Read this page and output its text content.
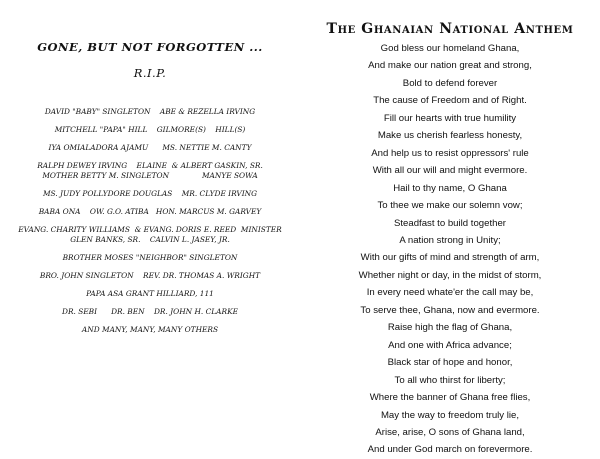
GONE, BUT NOT FORGOTTEN ...
R.I.P.
DAVID "BABY" SINGLETON    ABE & REZELLA IRVING
MITCHELL "PAPA" HILL    GILMORE(S)    HILL(S)
IYA OMIALADORA AJAMU      MS. NETTIE M. CANTY
RALPH DEWEY IRVING    ELAINE  & ALBERT GASKIN, SR.
MOTHER BETTY M. SINGLETON              MANYE SOWA
MS. JUDY POLLYDORE DOUGLAS    MR. CLYDE IRVING
BABA ONA    OW. G.O. ATIBA   HON. MARCUS M. GARVEY
EVANG. CHARITY WILLIAMS  & EVANG. DORIS E. REED  MINISTER
GLEN BANKS, SR.    CALVIN L. JASEY, JR.
BROTHER MOSES "NEIGHBOR" SINGLETON
BRO. JOHN SINGLETON    REV. DR. THOMAS A. WRIGHT
PAPA ASA GRANT HILLIARD, 111
DR. SEBI      DR. BEN    DR. JOHN H. CLARKE
AND MANY, MANY, MANY OTHERS
The Ghanaian National Anthem
God bless our homeland Ghana,
And make our nation great and strong,
Bold to defend forever
The cause of Freedom and of Right.
Fill our hearts with true humility
Make us cherish fearless honesty,
And help us to resist oppressors' rule
With all our will and might evermore.
Hail to thy name, O Ghana
To thee we make our solemn vow;
Steadfast to build together
A nation strong in Unity;
With our gifts of mind and strength of arm,
Whether night or day, in the midst of storm,
In every need whate'er the call may be,
To serve thee, Ghana, now and evermore.
Raise high the flag of Ghana,
And one with Africa advance;
Black star of hope and honor,
To all who thirst for liberty;
Where the banner of Ghana free flies,
May the way to freedom truly lie,
Arise, arise, O sons of Ghana land,
And under God march on forevermore.
